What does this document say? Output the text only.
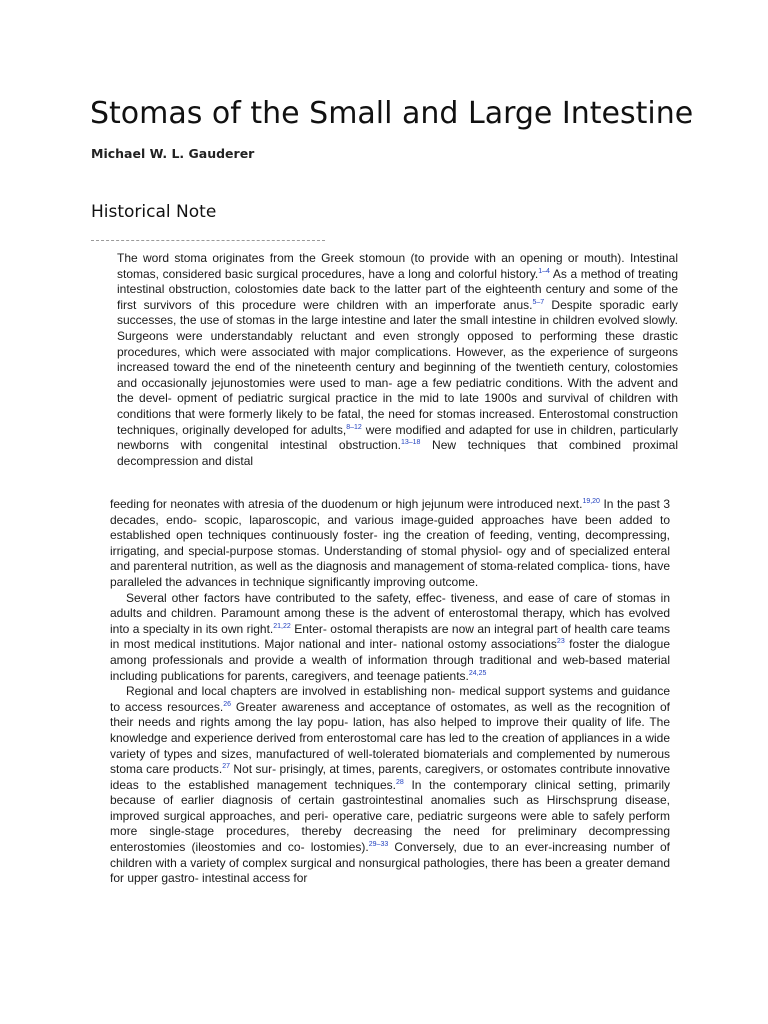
Stomas of the Small and Large Intestine
Michael W. L. Gauderer
Historical Note

The word stoma originates from the Greek stomoun (to provide with an opening or mouth). Intestinal stomas, considered basic surgical procedures, have a long and colorful history.$^{1-4}$ As a method of treating intestinal obstruction, colostomies date back to the latter part of the eighteenth century and some of the first survivors of this procedure were children with an imperforate anus.$^{5-7}$ Despite sporadic early successes, the use of stomas in the large intestine and later the small intestine in children evolved slowly. Surgeons were understandably reluctant and even strongly opposed to performing these drastic procedures, which were associated with major complications. However, as the experience of surgeons increased toward the end of the nineteenth century and beginning of the twentieth century, colostomies and occasionally jejunostomies were used to man- age a few pediatric conditions. With the advent and the devel- opment of pediatric surgical practice in the mid to late 1900s and survival of children with conditions that were formerly likely to be fatal, the need for stomas increased. Enterostomal construction techniques, originally developed for adults,$^{8-12}$ were modified and adapted for use in children, particularly newborns with congenital intestinal obstruction.$^{13-18}$ New techniques that combined proximal decompression and distal

feeding for neonates with atresia of the duodenum or high jejunum were introduced next.$^{19,20}$ In the past 3 decades, endo- scopic, laparoscopic, and various image-guided approaches have been added to established open techniques continuously foster- ing the creation of feeding, venting, decompressing, irrigating, and special-purpose stomas. Understanding of stomal physiol- ogy and of specialized enteral and parenteral nutrition, as well as the diagnosis and management of stoma-related complica- tions, have paralleled the advances in technique significantly improving outcome.

Several other factors have contributed to the safety, effec- tiveness, and ease of care of stomas in adults and children. Paramount among these is the advent of enterostomal therapy, which has evolved into a specialty in its own right.$^{21,22}$ Enter- ostomal therapists are now an integral part of health care teams in most medical institutions. Major national and inter- national ostomy associations$^{23}$ foster the dialogue among professionals and provide a wealth of information through traditional and web-based material including publications for parents, caregivers, and teenage patients.$^{24,25}$

Regional and local chapters are involved in establishing non- medical support systems and guidance to access resources.$^{26}$ Greater awareness and acceptance of ostomates, as well as the recognition of their needs and rights among the lay popu- lation, has also helped to improve their quality of life. The knowledge and experience derived from enterostomal care has led to the creation of appliances in a wide variety of types and sizes, manufactured of well-tolerated biomaterials and complemented by numerous stoma care products.$^{27}$ Not sur- prisingly, at times, parents, caregivers, or ostomates contribute innovative ideas to the established management techniques.$^{28}$ In the contemporary clinical setting, primarily because of earlier diagnosis of certain gastrointestinal anomalies such as Hirschsprung disease, improved surgical approaches, and peri- operative care, pediatric surgeons were able to safely perform more single-stage procedures, thereby decreasing the need for preliminary decompressing enterostomies (ileostomies and co- lostomies).$^{29-33}$ Conversely, due to an ever-increasing number of children with a variety of complex surgical and nonsurgical pathologies, there has been a greater demand for upper gastro- intestinal access for
